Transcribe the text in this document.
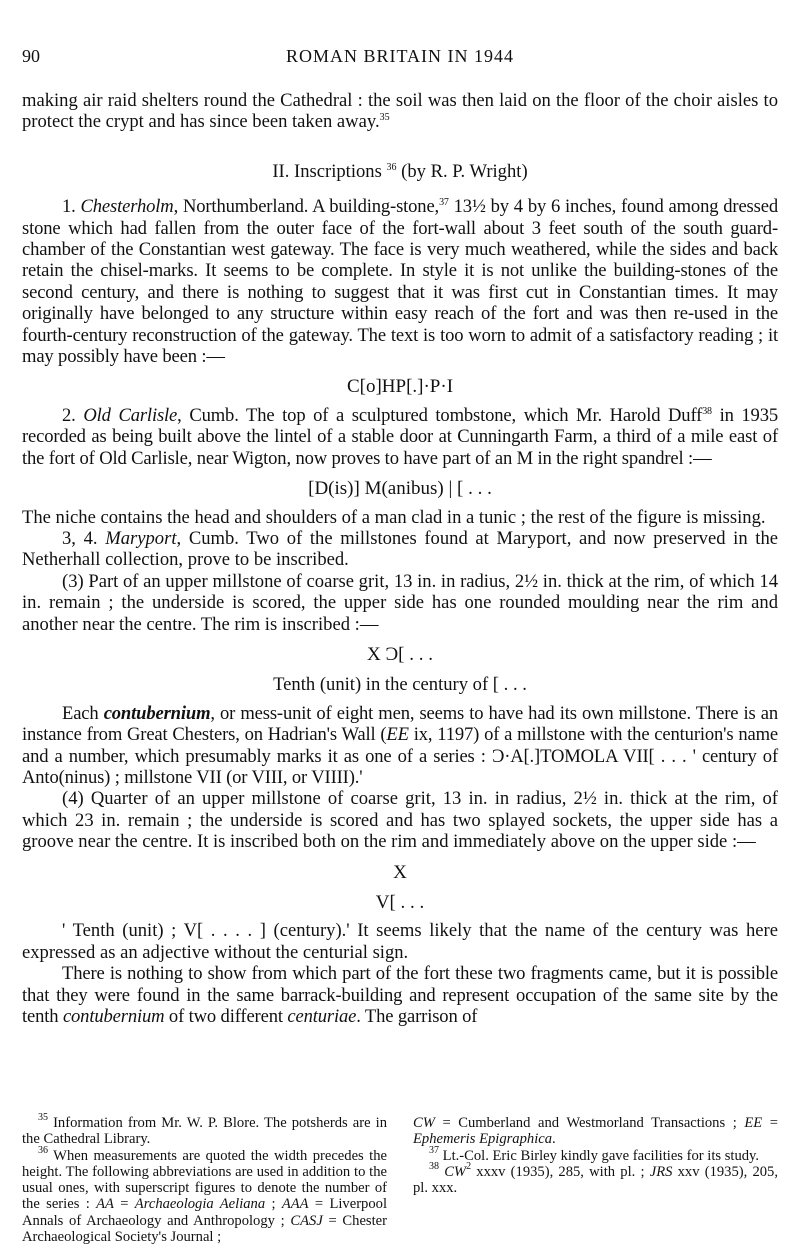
90	ROMAN BRITAIN IN 1944

making air raid shelters round the Cathedral : the soil was then laid on the floor of the choir aisles to protect the crypt and has since been taken away.$^{35}$

II. Inscriptions $^{36}$ (by R. P. Wright)

1. Chesterholm, Northumberland. A building-stone,$^{37}$ 13½ by 4 by 6 inches, found among dressed stone which had fallen from the outer face of the fort-wall about 3 feet south of the south guard-chamber of the Constantian west gateway. The face is very much weathered, while the sides and back retain the chisel-marks. It seems to be complete. In style it is not unlike the building-stones of the second century, and there is nothing to suggest that it was first cut in Constantian times. It may originally have belonged to any structure within easy reach of the fort and was then re-used in the fourth-century reconstruction of the gateway. The text is too worn to admit of a satisfactory reading ; it may possibly have been :—

C[o]HP[.]·P·I

2. Old Carlisle, Cumb. The top of a sculptured tombstone, which Mr. Harold Duff$^{38}$ in 1935 recorded as being built above the lintel of a stable door at Cunningarth Farm, a third of a mile east of the fort of Old Carlisle, near Wigton, now proves to have part of an M in the right spandrel :—

[D(is)] M(anibus) | [ . . .

The niche contains the head and shoulders of a man clad in a tunic ; the rest of the figure is missing.

3, 4. Maryport, Cumb. Two of the millstones found at Maryport, and now preserved in the Netherhall collection, prove to be inscribed.

(3) Part of an upper millstone of coarse grit, 13 in. in radius, 2½ in. thick at the rim, of which 14 in. remain ; the underside is scored, the upper side has one rounded moulding near the rim and another near the centre. The rim is inscribed :—

X Ɔ[ . . .
Tenth (unit) in the century of [ . . .

Each contubernium, or mess-unit of eight men, seems to have had its own millstone. There is an instance from Great Chesters, on Hadrian's Wall (EE ix, 1197) of a millstone with the centurion's name and a number, which presumably marks it as one of a series : Ɔ·A[.]TOMOLA VII[ . . . ' century of Anto(ninus) ; millstone VII (or VIII, or VIIII).'

(4) Quarter of an upper millstone of coarse grit, 13 in. in radius, 2½ in. thick at the rim, of which 23 in. remain ; the underside is scored and has two splayed sockets, the upper side has a groove near the centre. It is inscribed both on the rim and immediately above on the upper side :—

X
V[ . . .

' Tenth (unit) ; V[ . . . . ] (century).' It seems likely that the name of the century was here expressed as an adjective without the centurial sign.

There is nothing to show from which part of the fort these two fragments came, but it is possible that they were found in the same barrack-building and represent occupation of the same site by the tenth contubernium of two different centuriae. The garrison of

$^{35}$ Information from Mr. W. P. Blore. The potsherds are in the Cathedral Library.

$^{36}$ When measurements are quoted the width precedes the height. The following abbreviations are used in addition to the usual ones, with superscript figures to denote the number of the series : AA = Archaeologia Aeliana ; AAA = Liverpool Annals of Archaeology and Anthropology ; CASJ = Chester Archaeological Society's Journal ;

CW = Cumberland and Westmorland Transactions ; EE = Ephemeris Epigraphica.

$^{37}$ Lt.-Col. Eric Birley kindly gave facilities for its study.

$^{38}$ $CW^2$ xxxv (1935), 285, with pl. ; JRS xxv (1935), 205, pl. xxx.
